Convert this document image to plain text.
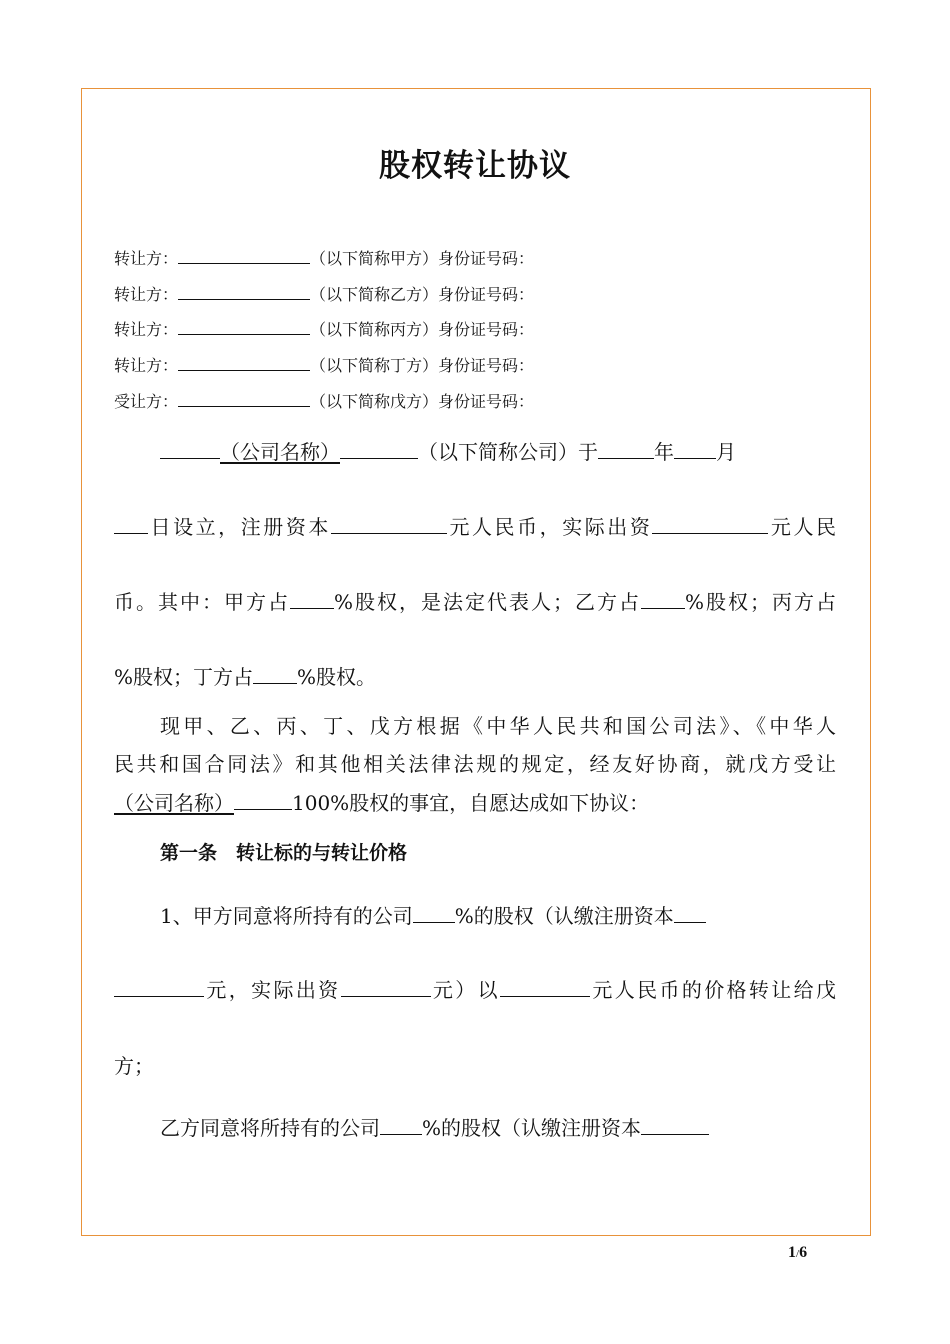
股权转让协议
转让方：	（以下简称甲方）身份证号码：
转让方：	（以下简称乙方）身份证号码：
转让方：	（以下简称丙方）身份证号码：
转让方：	（以下简称丁方）身份证号码：
受让方：	（以下简称戊方）身份证号码：
（公司名称）	（以下简称公司）于	年 月
日设立，注册资本	元人民币，实际出资	元人民
币。其中：甲方占 %股权，是法定代表人；乙方占 %股权；丙方占
%股权；丁方占 %股权。
现甲、乙、丙、丁、戊方根据《中华人民共和国公司法》、《中华人
民共和国合同法》和其他相关法律法规的规定，经友好协商，就戊方受让
（公司名称）	100%股权的事宜，自愿达成如下协议：
第一条　转让标的与转让价格
1、甲方同意将所持有的公司 %的股权（认缴注册资本
元，实际出资	元）以	元人民币的价格转让给戊
方；
乙方同意将所持有的公司 %的股权（认缴注册资本
1/6
